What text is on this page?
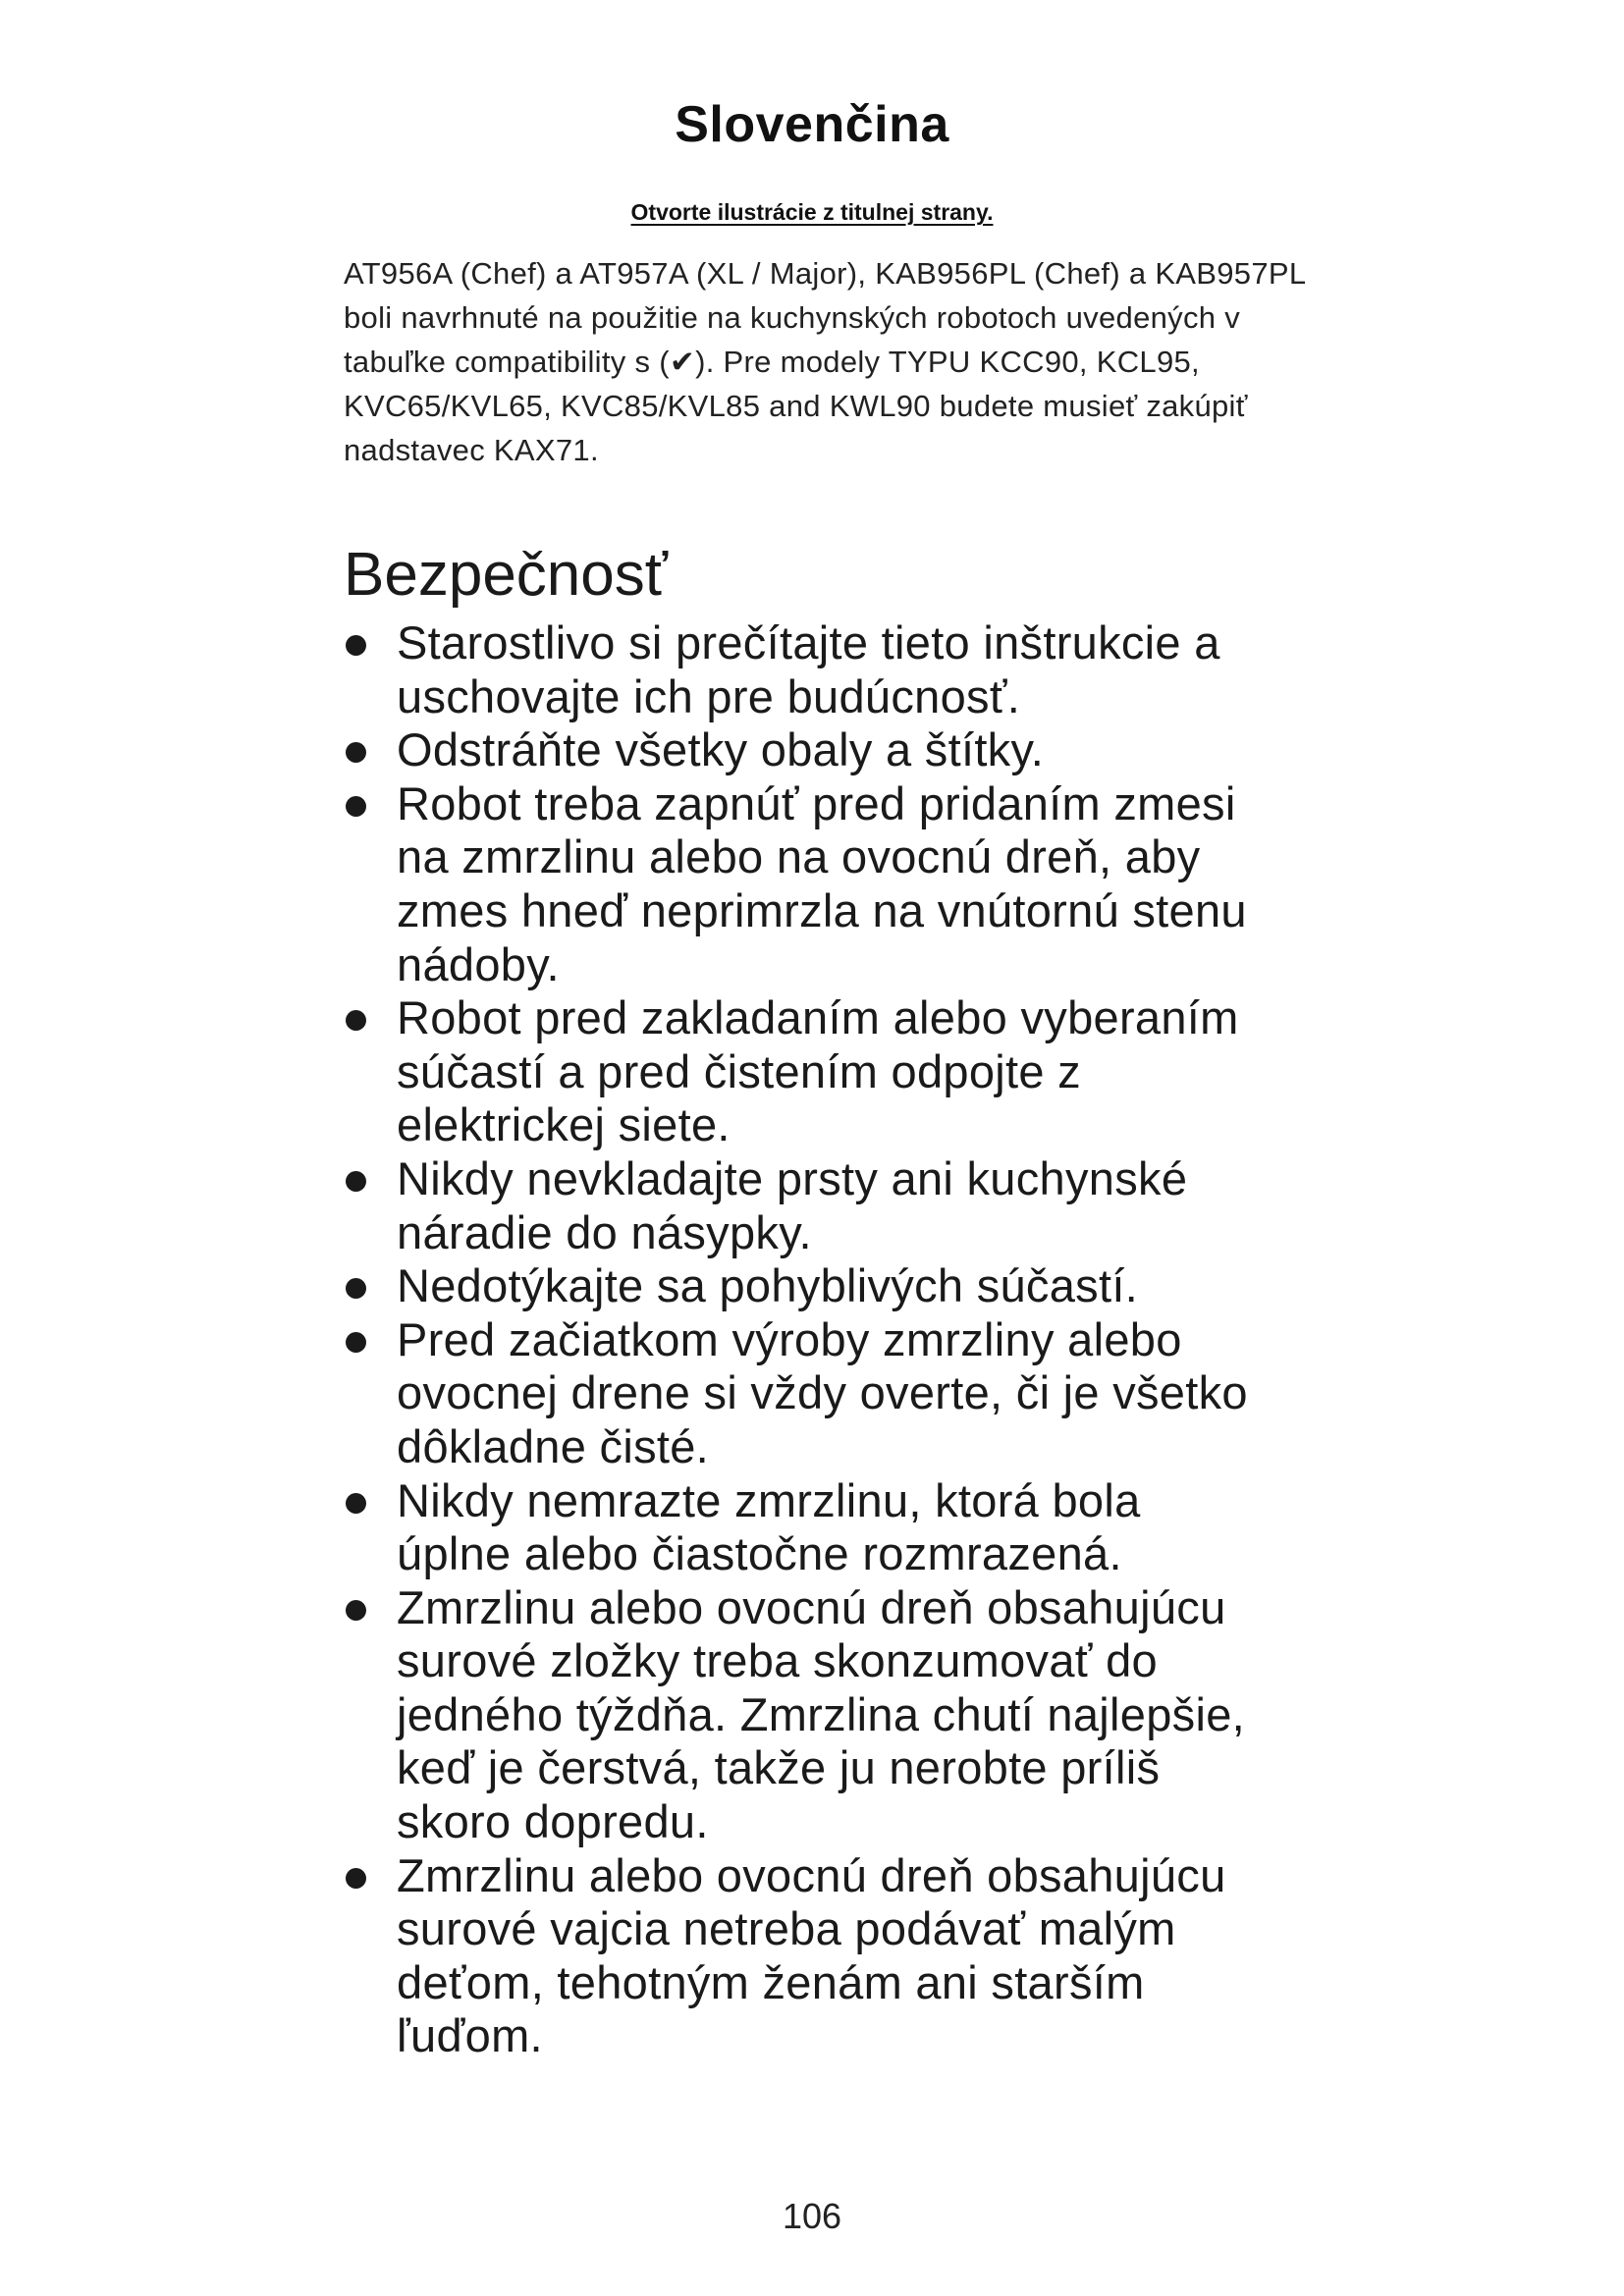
Slovenčina
Otvorte ilustrácie z titulnej strany.

AT956A (Chef) a AT957A (XL / Major), KAB956PL (Chef) a KAB957PL boli navrhnuté na použitie na kuchynských robotoch uvedených v tabuľke compatibility s (✔). Pre modely TYPU KCC90, KCL95, KVC65/KVL65, KVC85/KVL85 and KWL90 budete musieť zakúpiť nadstavec KAX71.

Bezpečnosť
Starostlivo si prečítajte tieto inštrukcie a uschovajte ich pre budúcnosť.
Odstráňte všetky obaly a štítky.
Robot treba zapnúť pred pridaním zmesi na zmrzlinu alebo na ovocnú dreň, aby zmes hneď neprimrzla na vnútornú stenu nádoby.
Robot pred zakladaním alebo vyberaním súčastí a pred čistením odpojte z elektrickej siete.
Nikdy nevkladajte prsty ani kuchynské náradie do násypky.
Nedotýkajte sa pohyblivých súčastí.
Pred začiatkom výroby zmrzliny alebo ovocnej drene si vždy overte, či je všetko dôkladne čisté.
Nikdy nemrazte zmrzlinu, ktorá bola úplne alebo čiastočne rozmrazená.
Zmrzlinu alebo ovocnú dreň obsahujúcu surové zložky treba skonzumovať do jedného týždňa. Zmrzlina chutí najlepšie, keď je čerstvá, takže ju nerobte príliš skoro dopredu.
Zmrzlinu alebo ovocnú dreň obsahujúcu surové vajcia netreba podávať malým deťom, tehotným ženám ani starším ľuďom.
106
